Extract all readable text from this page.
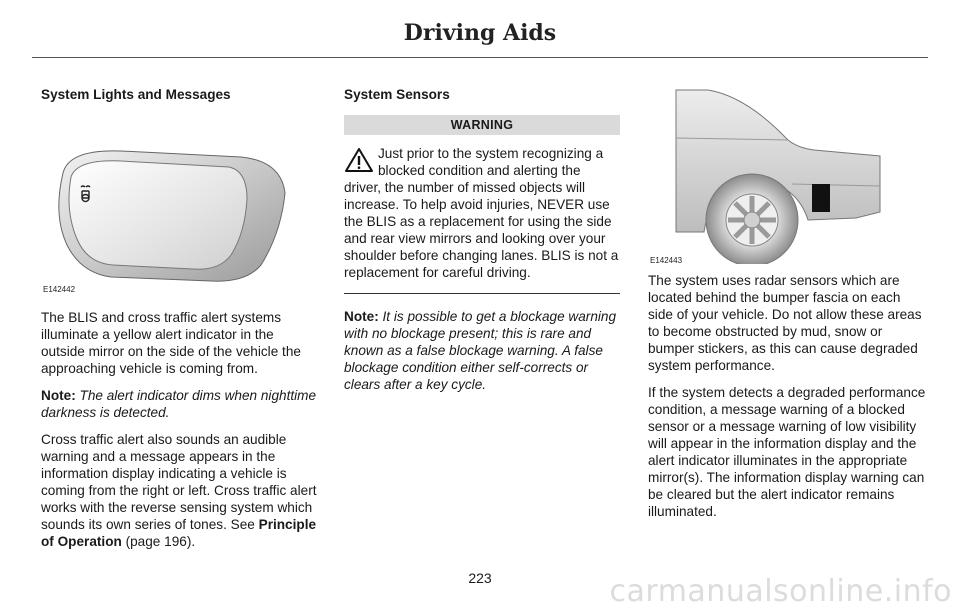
Driving Aids
System Lights and Messages
E142442

The BLIS and cross traffic alert systems illuminate a yellow alert indicator in the outside mirror on the side of the vehicle the approaching vehicle is coming from.

Note: The alert indicator dims when nighttime darkness is detected.

Cross traffic alert also sounds an audible warning and a message appears in the information display indicating a vehicle is coming from the right or left. Cross traffic alert works with the reverse sensing system which sounds its own series of tones. See Principle of Operation (page 196).

System Sensors
WARNING
Just prior to the system recognizing a blocked condition and alerting the driver, the number of missed objects will increase. To help avoid injuries, NEVER use the BLIS as a replacement for using the side and rear view mirrors and looking over your shoulder before changing lanes. BLIS is not a replacement for careful driving.

Note: It is possible to get a blockage warning with no blockage present; this is rare and known as a false blockage warning. A false blockage condition either self-corrects or clears after a key cycle.

E142443

The system uses radar sensors which are located behind the bumper fascia on each side of your vehicle. Do not allow these areas to become obstructed by mud, snow or bumper stickers, as this can cause degraded system performance.

If the system detects a degraded performance condition, a message warning of a blocked sensor or a message warning of low visibility will appear in the information display and the alert indicator illuminates in the appropriate mirror(s). The information display warning can be cleared but the alert indicator remains illuminated.

223	carmanualsonline.info
